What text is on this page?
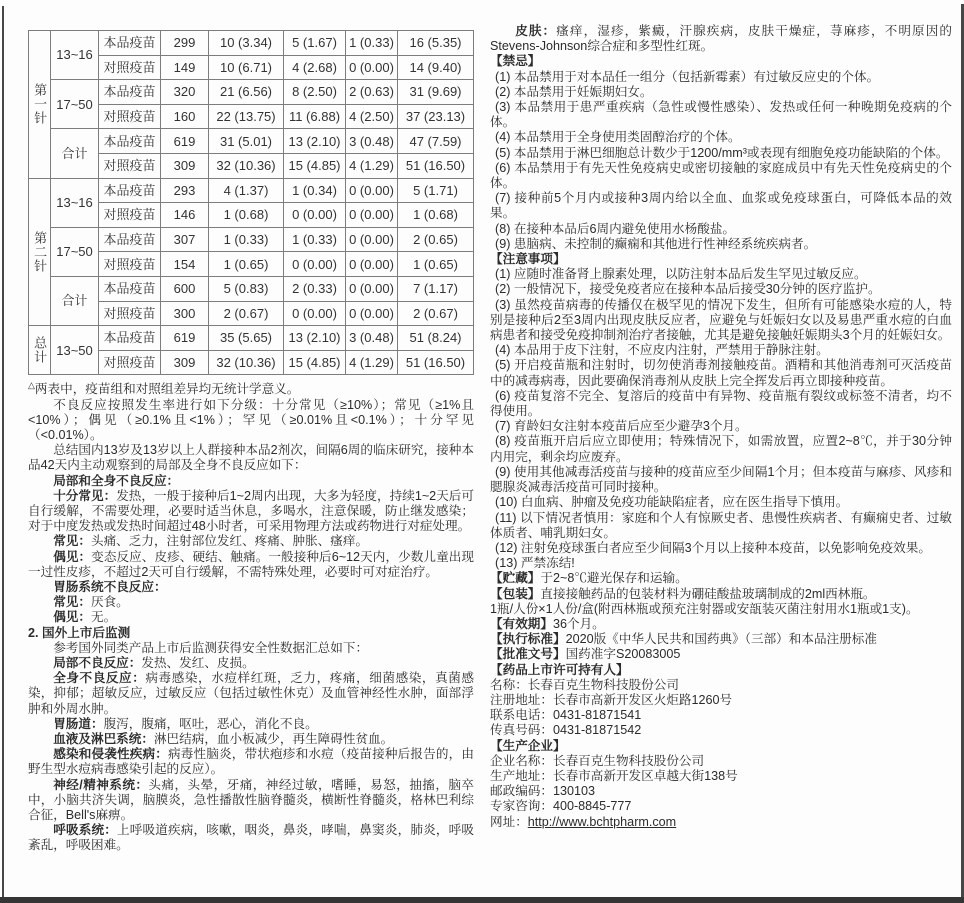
第一针	13~16	本品疫苗	299	10 (3.34)	5 (1.67)	1 (0.33)	16 (5.35)
		对照疫苗	149	10 (6.71)	4 (2.68)	0 (0.00)	14 (9.40)
	17~50	本品疫苗	320	21 (6.56)	8 (2.50)	2 (0.63)	31 (9.69)
		对照疫苗	160	22 (13.75)	11 (6.88)	4 (2.50)	37 (23.13)
	合计	本品疫苗	619	31 (5.01)	13 (2.10)	3 (0.48)	47 (7.59)
		对照疫苗	309	32 (10.36)	15 (4.85)	4 (1.29)	51 (16.50)
第二针	13~16	本品疫苗	293	4 (1.37)	1 (0.34)	0 (0.00)	5 (1.71)
		对照疫苗	146	1 (0.68)	0 (0.00)	0 (0.00)	1 (0.68)
	17~50	本品疫苗	307	1 (0.33)	1 (0.33)	0 (0.00)	2 (0.65)
		对照疫苗	154	1 (0.65)	0 (0.00)	0 (0.00)	1 (0.65)
	合计	本品疫苗	600	5 (0.83)	2 (0.33)	0 (0.00)	7 (1.17)
		对照疫苗	300	2 (0.67)	0 (0.00)	0 (0.00)	2 (0.67)
总计	13~50	本品疫苗	619	35 (5.65)	13 (2.10)	3 (0.48)	51 (8.24)
		对照疫苗	309	32 (10.36)	15 (4.85)	4 (1.29)	51 (16.50)

△两表中，疫苗组和对照组差异均无统计学意义。

不良反应按照发生率进行如下分级：十分常见（≥10%）；常见（≥1%且<10%）；偶见（≥0.1%且<1%）；罕见（≥0.01%且<0.1%）；十分罕见（<0.01%）。

总结国内13岁及13岁以上人群接种本品2剂次，间隔6周的临床研究，接种本品42天内主动观察到的局部及全身不良反应如下：

局部和全身不良反应：

十分常见：发热，一般于接种后1~2周内出现，大多为轻度，持续1~2天后可自行缓解，不需要处理，必要时适当休息，多喝水，注意保暖，防止继发感染；对于中度发热或发热时间超过48小时者，可采用物理方法或药物进行对症处理。

常见：头痛、乏力，注射部位发红、疼痛、肿胀、瘙痒。

偶见：变态反应、皮疹、硬结、触痛。一般接种后6~12天内，少数儿童出现一过性皮疹，不超过2天可自行缓解，不需特殊处理，必要时可对症治疗。

胃肠系统不良反应：

常见：厌食。

偶见：无。

2. 国外上市后监测

参考国外同类产品上市后监测获得安全性数据汇总如下：

局部不良反应：发热、发红、皮损。

全身不良反应：病毒感染，水痘样红斑，乏力，疼痛，细菌感染，真菌感染，抑郁；超敏反应，过敏反应（包括过敏性休克）及血管神经性水肿，面部浮肿和外周水肿。

胃肠道：腹泻，腹痛，呕吐，恶心，消化不良。

血液及淋巴系统：淋巴结病，血小板减少，再生障碍性贫血。

感染和侵袭性疾病：病毒性脑炎，带状疱疹和水痘（疫苗接种后报告的，由野生型水痘病毒感染引起的反应）。

神经/精神系统：头痛，头晕，牙痛，神经过敏，嗜睡，易怒，抽搐，脑卒中，小脑共济失调，脑膜炎，急性播散性脑脊髓炎，横断性脊髓炎，格林巴利综合征，Bell's麻痹。

呼吸系统：上呼吸道疾病，咳嗽，咽炎，鼻炎，哮喘，鼻窦炎，肺炎，呼吸紊乱，呼吸困难。

皮肤：瘙痒，湿疹，紫癜，汗腺疾病，皮肤干燥症，荨麻疹，不明原因的Stevens-Johnson综合症和多型性红斑。

【禁忌】

(1) 本品禁用于对本品任一组分（包括新霉素）有过敏反应史的个体。

(2) 本品禁用于妊娠期妇女。

(3) 本品禁用于患严重疾病（急性或慢性感染）、发热或任何一种晚期免疫病的个体。

(4) 本品禁用于全身使用类固醇治疗的个体。

(5) 本品禁用于淋巴细胞总计数少于1200/mm³或表现有细胞免疫功能缺陷的个体。

(6) 本品禁用于有先天性免疫病史或密切接触的家庭成员中有先天性免疫病史的个体。

(7) 接种前5个月内或接种3周内给以全血、血浆或免疫球蛋白，可降低本品的效果。

(8) 在接种本品后6周内避免使用水杨酸盐。

(9) 患脑病、未控制的癫痫和其他进行性神经系统疾病者。

【注意事项】

(1) 应随时准备肾上腺素处理，以防注射本品后发生罕见过敏反应。

(2) 一般情况下，接受免疫者应在接种本品后接受30分钟的医疗监护。

(3) 虽然疫苗病毒的传播仅在极罕见的情况下发生，但所有可能感染水痘的人，特别是接种后2至3周内出现皮肤反应者，应避免与妊娠妇女以及易患严重水痘的白血病患者和接受免疫抑制剂治疗者接触，尤其是避免接触妊娠期头3个月的妊娠妇女。

(4) 本品用于皮下注射，不应皮内注射，严禁用于静脉注射。

(5) 开启疫苗瓶和注射时，切勿使消毒剂接触疫苗。酒精和其他消毒剂可灭活疫苗中的减毒病毒，因此要确保消毒剂从皮肤上完全挥发后再立即接种疫苗。

(6) 疫苗复溶不完全、复溶后的疫苗中有异物、疫苗瓶有裂纹或标签不清者，均不得使用。

(7) 育龄妇女注射本疫苗后应至少避孕3个月。

(8) 疫苗瓶开启后应立即使用；特殊情况下，如需放置，应置2~8℃，并于30分钟内用完，剩余均应废弃。

(9) 使用其他减毒活疫苗与接种的疫苗应至少间隔1个月；但本疫苗与麻疹、风疹和腮腺炎减毒活疫苗可同时接种。

(10) 白血病、肿瘤及免疫功能缺陷症者，应在医生指导下慎用。

(11) 以下情况者慎用：家庭和个人有惊厥史者、患慢性疾病者、有癫痫史者、过敏体质者、哺乳期妇女。

(12) 注射免疫球蛋白者应至少间隔3个月以上接种本疫苗，以免影响免疫效果。

(13) 严禁冻结!

【贮藏】于2~8℃避光保存和运输。

【包装】直接接触药品的包装材料为硼硅酸盐玻璃制成的2ml西林瓶。

1瓶/人份×1人份/盒(附西林瓶或预充注射器或安瓿装灭菌注射用水1瓶或1支)。

【有效期】36个月。

【执行标准】2020版《中华人民共和国药典》（三部）和本品注册标准

【批准文号】国药准字S20083005

【药品上市许可持有人】

名称：长春百克生物科技股份公司

注册地址：长春市高新开发区火炬路1260号

联系电话：0431-81871541

传真号码：0431-81871542

【生产企业】

企业名称：长春百克生物科技股份公司

生产地址：长春市高新开发区卓越大街138号

邮政编码：130103

专家咨询：400-8845-777

网址：http://www.bchtpharm.com
